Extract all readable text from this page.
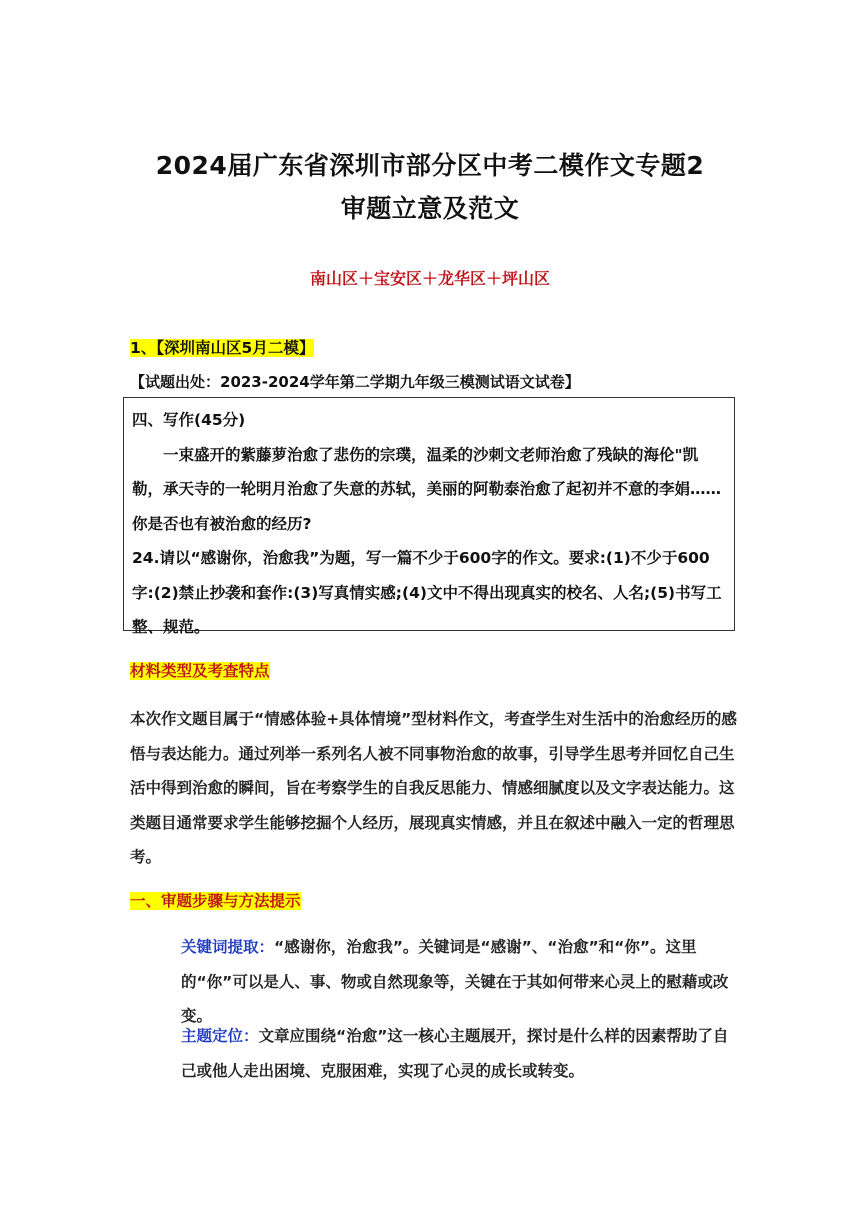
2024届广东省深圳市部分区中考二模作文专题2
审题立意及范文
南山区＋宝安区＋龙华区＋坪山区
1、【深圳南山区5月二模】
【试题出处：2023-2024学年第二学期九年级三模测试语文试卷】

四、写作(45分)

一束盛开的紫藤萝治愈了悲伤的宗璞，温柔的沙刺文老师治愈了残缺的海伦"凯勒，承天寺的一轮明月治愈了失意的苏轼，美丽的阿勒泰治愈了起初并不意的李娟……你是否也有被治愈的经历?

24.请以“感谢你，治愈我”为题，写一篇不少于600字的作文。要求:(1)不少于600字:(2)禁止抄袭和套作:(3)写真情实感;(4)文中不得出现真实的校名、人名;(5)书写工整、规范。

材料类型及考查特点
本次作文题目属于“情感体验+具体情境”型材料作文，考查学生对生活中的治愈经历的感悟与表达能力。通过列举一系列名人被不同事物治愈的故事，引导学生思考并回忆自己生活中得到治愈的瞬间，旨在考察学生的自我反思能力、情感细腻度以及文字表达能力。这类题目通常要求学生能够挖掘个人经历，展现真实情感，并且在叙述中融入一定的哲理思考。
一、审题步骤与方法提示
关键词提取：“感谢你，治愈我”。关键词是“感谢”、“治愈”和“你”。这里的“你”可以是人、事、物或自然现象等，关键在于其如何带来心灵上的慰藉或改变。
主题定位：文章应围绕“治愈”这一核心主题展开，探讨是什么样的因素帮助了自己或他人走出困境、克服困难，实现了心灵的成长或转变。
